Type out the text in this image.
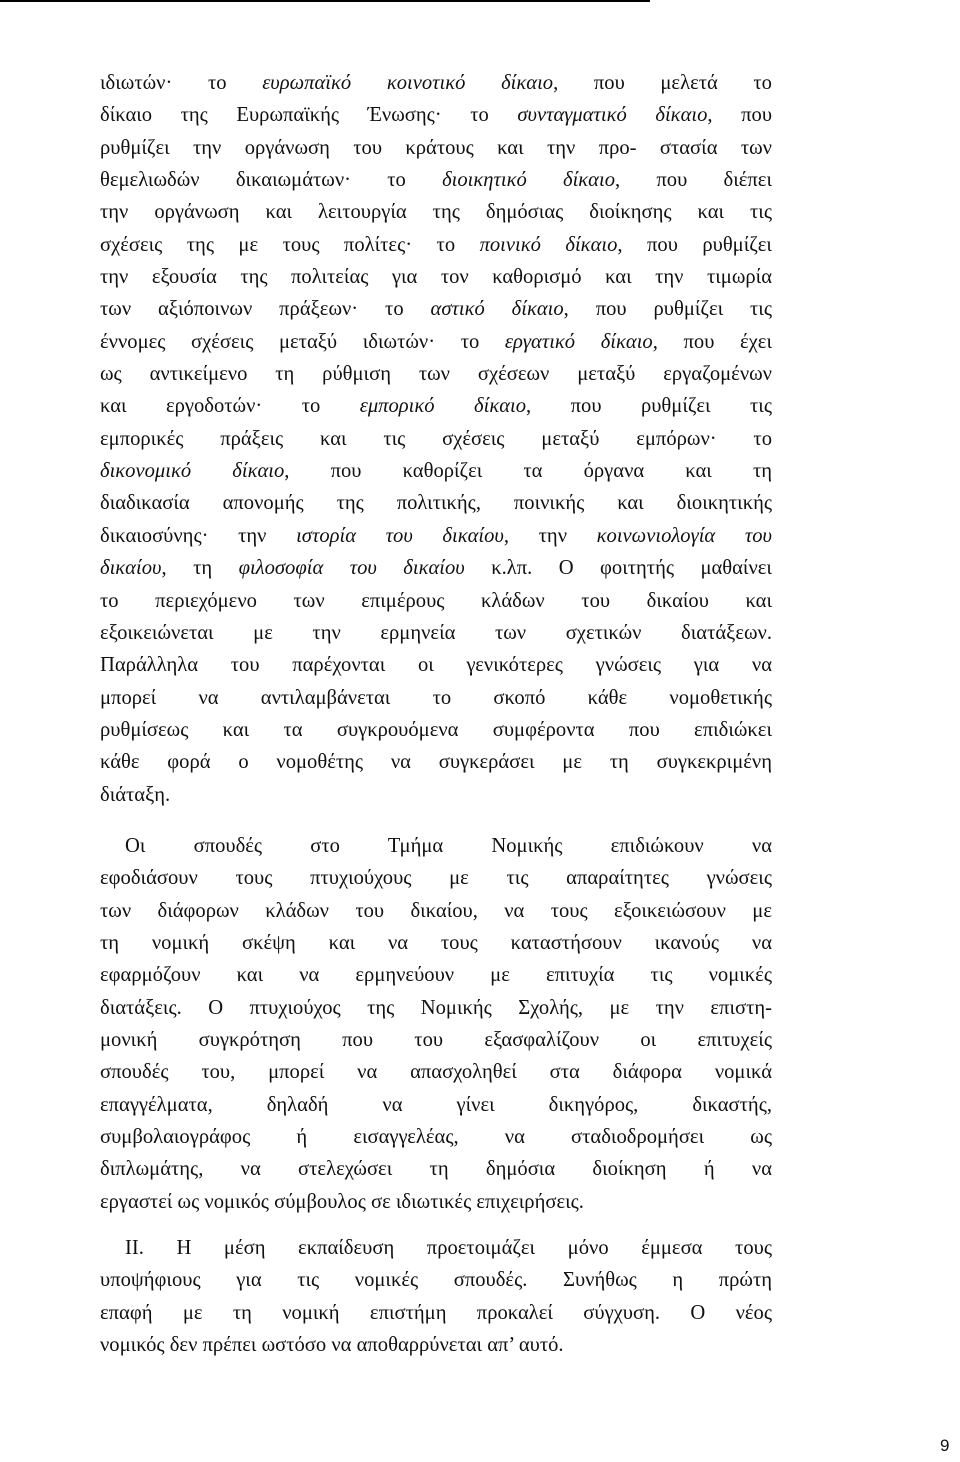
ιδιωτών· το ευρωπαϊκό κοινοτικό δίκαιο, που μελετά το
δίκαιο της Ευρωπαϊκής Ένωσης· το συνταγματικό δίκαιο, που
ρυθμίζει την οργάνωση του κράτους και την προ- στασία των
θεμελιωδών δικαιωμάτων· το διοικητικό δίκαιο, που διέπει
την οργάνωση και λειτουργία της δημόσιας διοίκησης και τις
σχέσεις της με τους πολίτες· το ποινικό δίκαιο, που ρυθμίζει
την εξουσία της πολιτείας για τον καθορισμό και την τιμωρία
των αξιόποινων πράξεων· το αστικό δίκαιο, που ρυθμίζει τις
έννομες σχέσεις μεταξύ ιδιωτών· το εργατικό δίκαιο, που έχει
ως αντικείμενο τη ρύθμιση των σχέσεων μεταξύ εργαζομένων
και εργοδοτών· το εμπορικό δίκαιο, που ρυθμίζει τις
εμπορικές πράξεις και τις σχέσεις μεταξύ εμπόρων· το
δικονομικό δίκαιο, που καθορίζει τα όργανα και τη
διαδικασία απονομής της πολιτικής, ποινικής και διοικητικής
δικαιοσύνης· την ιστορία του δικαίου, την κοινωνιολογία του
δικαίου, τη φιλοσοφία του δικαίου κ.λπ. Ο φοιτητής μαθαίνει
το περιεχόμενο των επιμέρους κλάδων του δικαίου και
εξοικειώνεται με την ερμηνεία των σχετικών διατάξεων.
Παράλληλα του παρέχονται οι γενικότερες γνώσεις για να
μπορεί να αντιλαμβάνεται το σκοπό κάθε νομοθετικής
ρυθμίσεως και τα συγκρουόμενα συμφέροντα που επιδιώκει
κάθε φορά ο νομοθέτης να συγκεράσει με τη συγκεκριμένη
διάταξη.
Οι σπουδές στο Τμήμα Νομικής επιδιώκουν να
εφοδιάσουν τους πτυχιούχους με τις απαραίτητες γνώσεις
των διάφορων κλάδων του δικαίου, να τους εξοικειώσουν με
τη νομική σκέψη και να τους καταστήσουν ικανούς να
εφαρμόζουν και να ερμηνεύουν με επιτυχία τις νομικές
διατάξεις. Ο πτυχιούχος της Νομικής Σχολής, με την επιστη-
μονική συγκρότηση που του εξασφαλίζουν οι επιτυχείς
σπουδές του, μπορεί να απασχοληθεί στα διάφορα νομικά
επαγγέλματα, δηλαδή να γίνει δικηγόρος, δικαστής,
συμβολαιογράφος ή εισαγγελέας, να σταδιοδρομήσει ως
διπλωμάτης, να στελεχώσει τη δημόσια διοίκηση ή να
εργαστεί ως νομικός σύμβουλος σε ιδιωτικές επιχειρήσεις.
ΙΙ. Η μέση εκπαίδευση προετοιμάζει μόνο έμμεσα τους
υποψήφιους για τις νομικές σπουδές. Συνήθως η πρώτη
επαφή με τη νομική επιστήμη προκαλεί σύγχυση. Ο νέος
νομικός δεν πρέπει ωστόσο να αποθαρρύνεται απ’ αυτό.
9
